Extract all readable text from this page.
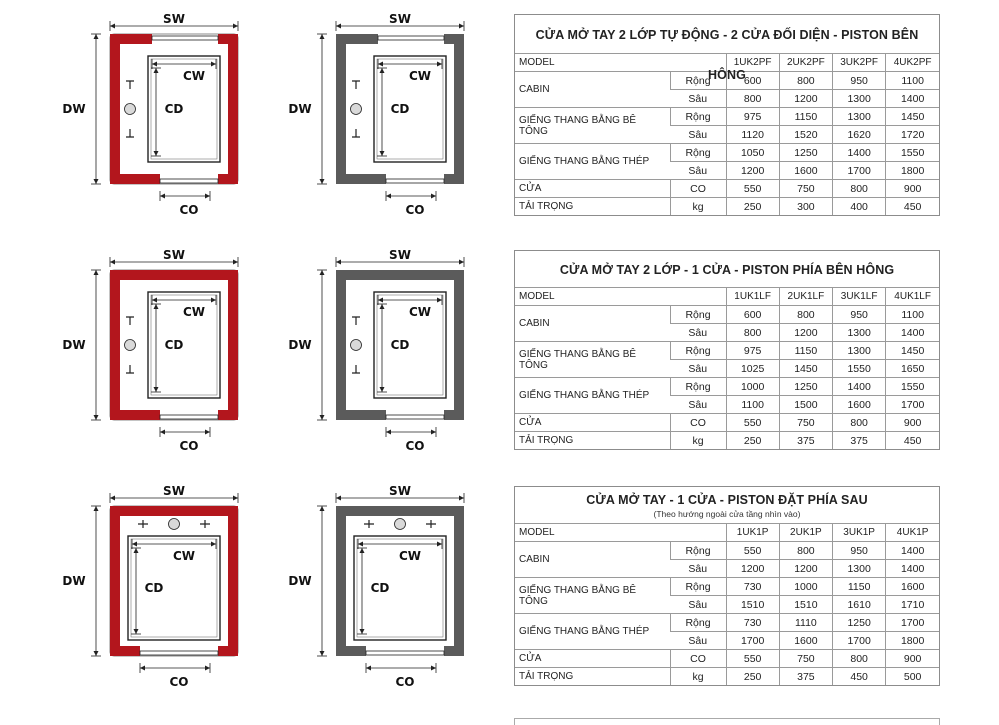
SW
DW
CW
CD
CO
SW
DW
CW
CD
CO
SW
DW
CW
CD
CO
SW
DW
CW
CD
CO
SW
DW
CW
CD
CO
SW
DW
CW
CD
CO
CỬA MỞ TAY 2 LỚP TỰ ĐỘNG - 2 CỬA ĐỐI DIỆN - PISTON BÊN HÔNG
MODEL		1UK2PF	2UK2PF	3UK2PF	4UK2PF
CABIN	Rộng	600	800	950	1100
	Sâu	800	1200	1300	1400
GIẾNG THANG BẰNG BÊ TÔNG	Rộng	975	1150	1300	1450
	Sâu	1120	1520	1620	1720
GIẾNG THANG BẰNG THÉP	Rộng	1050	1250	1400	1550
	Sâu	1200	1600	1700	1800
CỬA	CO	550	750	800	900
TẢI TRỌNG	kg	250	300	400	450
CỬA MỞ TAY 2 LỚP - 1 CỬA - PISTON PHÍA BÊN HÔNG
MODEL		1UK1LF	2UK1LF	3UK1LF	4UK1LF
CABIN	Rộng	600	800	950	1100
	Sâu	800	1200	1300	1400
GIẾNG THANG BẰNG BÊ TÔNG	Rộng	975	1150	1300	1450
	Sâu	1025	1450	1550	1650
GIẾNG THANG BẰNG THÉP	Rộng	1000	1250	1400	1550
	Sâu	1100	1500	1600	1700
CỬA	CO	550	750	800	900
TẢI TRỌNG	kg	250	375	375	450
CỬA MỞ TAY - 1 CỬA - PISTON ĐẶT PHÍA SAU
(Theo hướng ngoài cửa tầng nhìn vào)
MODEL		1UK1P	2UK1P	3UK1P	4UK1P
CABIN	Rộng	550	800	950	1400
	Sâu	1200	1200	1300	1400
GIẾNG THANG BẰNG BÊ TÔNG	Rộng	730	1000	1150	1600
	Sâu	1510	1510	1610	1710
GIẾNG THANG BẰNG THÉP	Rộng	730	1110	1250	1700
	Sâu	1700	1600	1700	1800
CỬA	CO	550	750	800	900
TẢI TRỌNG	kg	250	375	450	500
